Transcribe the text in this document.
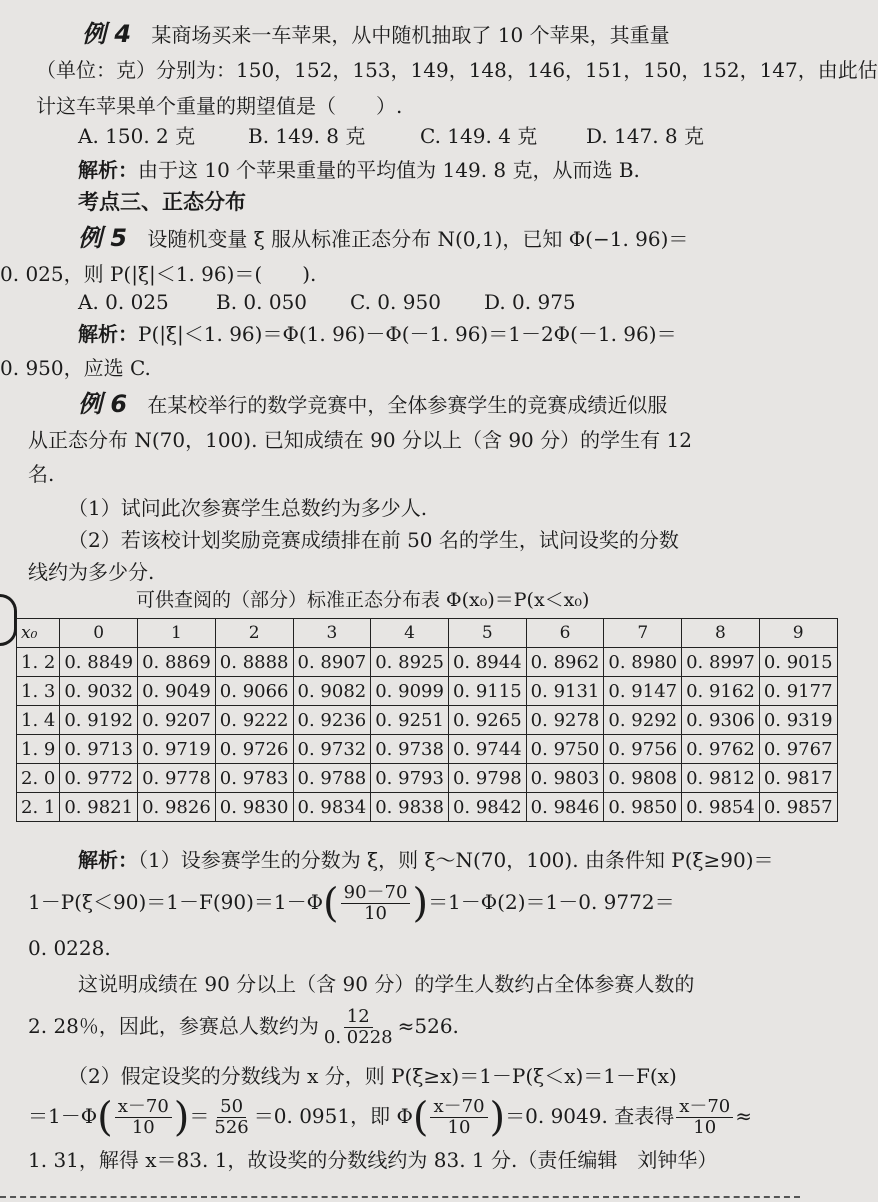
例 4 某商场买来一车苹果，从中随机抽取了 10 个苹果，其重量
（单位：克）分别为：150，152，153，149，148，146，151，150，152，147，由此估
计这车苹果单个重量的期望值是（　　）.
A. 150. 2 克	B. 149. 8 克	C. 149. 4 克	D. 147. 8 克
解析：由于这 10 个苹果重量的平均值为 149. 8 克，从而选 B.
考点三、正态分布
例 5 设随机变量 ξ 服从标准正态分布 N(0,1)，已知 Φ(−1. 96)＝
0. 025，则 P(|ξ|＜1. 96)＝(　　).
A. 0. 025	B. 0. 050	C. 0. 950	D. 0. 975
解析：P(|ξ|＜1. 96)＝Φ(1. 96)－Φ(－1. 96)＝1－2Φ(－1. 96)＝
0. 950，应选 C.
例 6 在某校举行的数学竞赛中，全体参赛学生的竞赛成绩近似服
从正态分布 N(70，100). 已知成绩在 90 分以上（含 90 分）的学生有 12
名.
（1）试问此次参赛学生总数约为多少人.
（2）若该校计划奖励竞赛成绩排在前 50 名的学生，试问设奖的分数
线约为多少分.
可供查阅的（部分）标准正态分布表 Φ(x₀)＝P(x＜x₀)
x₀	0	1	2	3	4	5	6	7	8	9
1. 2	0. 8849	0. 8869	0. 8888	0. 8907	0. 8925	0. 8944	0. 8962	0. 8980	0. 8997	0. 9015
1. 3	0. 9032	0. 9049	0. 9066	0. 9082	0. 9099	0. 9115	0. 9131	0. 9147	0. 9162	0. 9177
1. 4	0. 9192	0. 9207	0. 9222	0. 9236	0. 9251	0. 9265	0. 9278	0. 9292	0. 9306	0. 9319
1. 9	0. 9713	0. 9719	0. 9726	0. 9732	0. 9738	0. 9744	0. 9750	0. 9756	0. 9762	0. 9767
2. 0	0. 9772	0. 9778	0. 9783	0. 9788	0. 9793	0. 9798	0. 9803	0. 9808	0. 9812	0. 9817
2. 1	0. 9821	0. 9826	0. 9830	0. 9834	0. 9838	0. 9842	0. 9846	0. 9850	0. 9854	0. 9857
解析：（1）设参赛学生的分数为 ξ，则 ξ～N(70，100). 由条件知 P(ξ≥90)＝
$1-P(\xi<90)=1-F(90)=1-\Phi( \frac{90-70}{10} )=1-\Phi(2)=1-0$. 9772＝
0. 0228.
这说明成绩在 90 分以上（含 90 分）的学生人数约占全体参赛人数的
2. 28％，因此，参赛总人数约为 $\frac{12}{0. 0228} \approx 526$.
（2）假定设奖的分数线为 x 分，则 P(ξ≥x)＝1－P(ξ＜x)＝1－F(x)
$=1-\Phi( \frac{x-70}{10}$ )＝ $\frac{50}{526} =0$. 0951，即 $\Phi( \frac{x-70}{10} )=0$. 9049. 查表得 $\frac{x-70}{10}$ ≈
1. 31，解得 x＝83. 1，故设奖的分数线约为 83. 1 分.（责任编辑　刘钟华）
